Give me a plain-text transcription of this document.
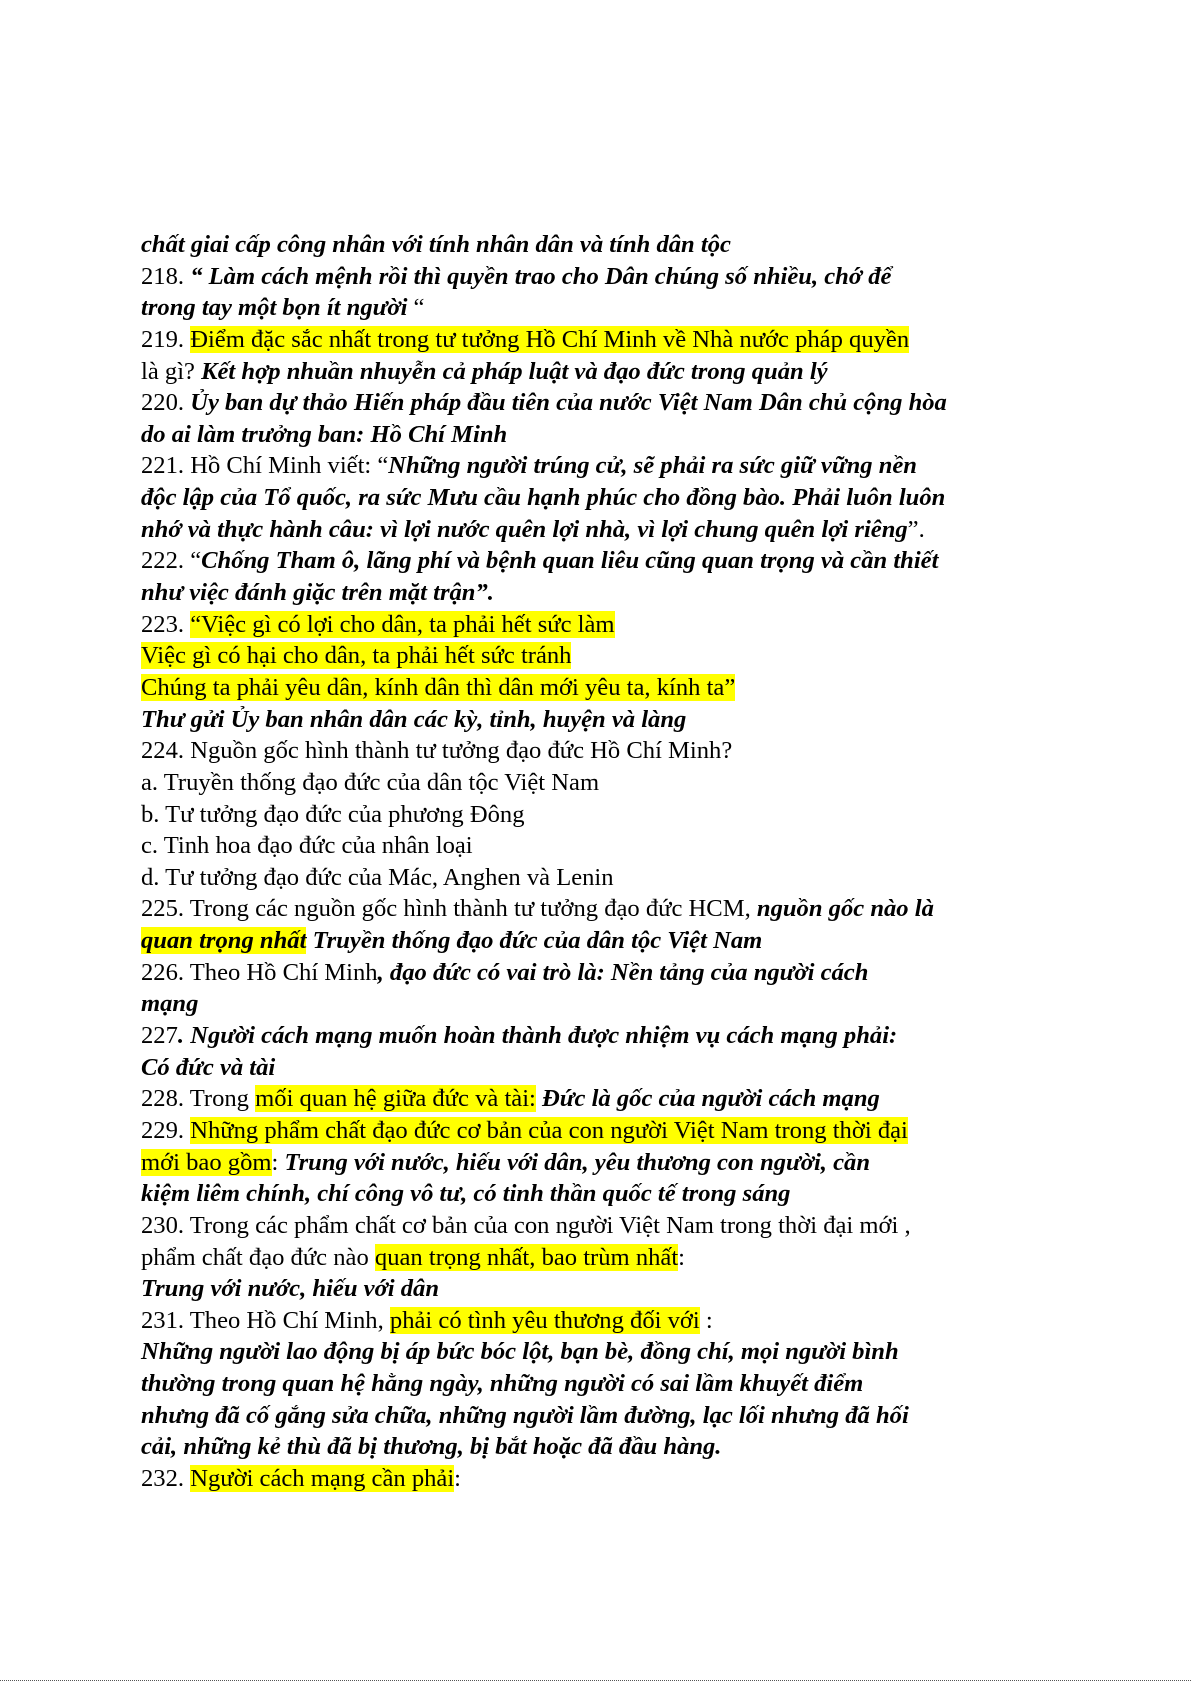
chất giai cấp công nhân với tính nhân dân và tính dân tộc
218. “ Làm cách mệnh rồi thì quyền trao cho Dân chúng số nhiều, chớ để
trong tay một bọn ít người “
219. Điểm đặc sắc nhất trong tư tưởng Hồ Chí Minh về Nhà nước pháp quyền
là gì? Kết hợp nhuần nhuyễn cả pháp luật và đạo đức trong quản lý
220. Ủy ban dự thảo Hiến pháp đầu tiên của nước Việt Nam Dân chủ cộng hòa
do ai làm trưởng ban: Hồ Chí Minh
221. Hồ Chí Minh viết: “Những người trúng cử, sẽ phải ra sức giữ vững nền
độc lập của Tổ quốc, ra sức Mưu cầu hạnh phúc cho đồng bào. Phải luôn luôn
nhớ và thực hành câu: vì lợi nước quên lợi nhà, vì lợi chung quên lợi riêng”.
222. “Chống Tham ô, lãng phí và bệnh quan liêu cũng quan trọng và cần thiết
như việc đánh giặc trên mặt trận”.
223. “Việc gì có lợi cho dân, ta phải hết sức làm
Việc gì có hại cho dân, ta phải hết sức tránh
Chúng ta phải yêu dân, kính dân thì dân mới yêu ta, kính ta”
Thư gửi Ủy ban nhân dân các kỳ, tỉnh, huyện và làng
224. Nguồn gốc hình thành tư tưởng đạo đức Hồ Chí Minh?
a. Truyền thống đạo đức của dân tộc Việt Nam
b. Tư tưởng đạo đức của phương Đông
c. Tinh hoa đạo đức của nhân loại
d. Tư tưởng đạo đức của Mác, Anghen và Lenin
225. Trong các nguồn gốc hình thành tư tưởng đạo đức HCM, nguồn gốc nào là
quan trọng nhất Truyền thống đạo đức của dân tộc Việt Nam
226. Theo Hồ Chí Minh, đạo đức có vai trò là: Nền tảng của người cách
mạng
227. Người cách mạng muốn hoàn thành được nhiệm vụ cách mạng phải:
Có đức và tài
228. Trong mối quan hệ giữa đức và tài: Đức là gốc của người cách mạng
229. Những phẩm chất đạo đức cơ bản của con người Việt Nam trong thời đại
mới bao gồm: Trung với nước, hiếu với dân, yêu thương con người, cần
kiệm liêm chính, chí công vô tư, có tinh thần quốc tế trong sáng
230. Trong các phẩm chất cơ bản của con người Việt Nam trong thời đại mới ,
phẩm chất đạo đức nào quan trọng nhất, bao trùm nhất:
Trung với nước, hiếu với dân
231. Theo Hồ Chí Minh, phải có tình yêu thương đối với :
Những người lao động bị áp bức bóc lột, bạn bè, đồng chí, mọi người bình
thường trong quan hệ hằng ngày, những người có sai lầm khuyết điểm
nhưng đã cố gắng sửa chữa, những người lầm đường, lạc lối nhưng đã hối
cải, những kẻ thù đã bị thương, bị bắt hoặc đã đầu hàng.
232. Người cách mạng cần phải:
